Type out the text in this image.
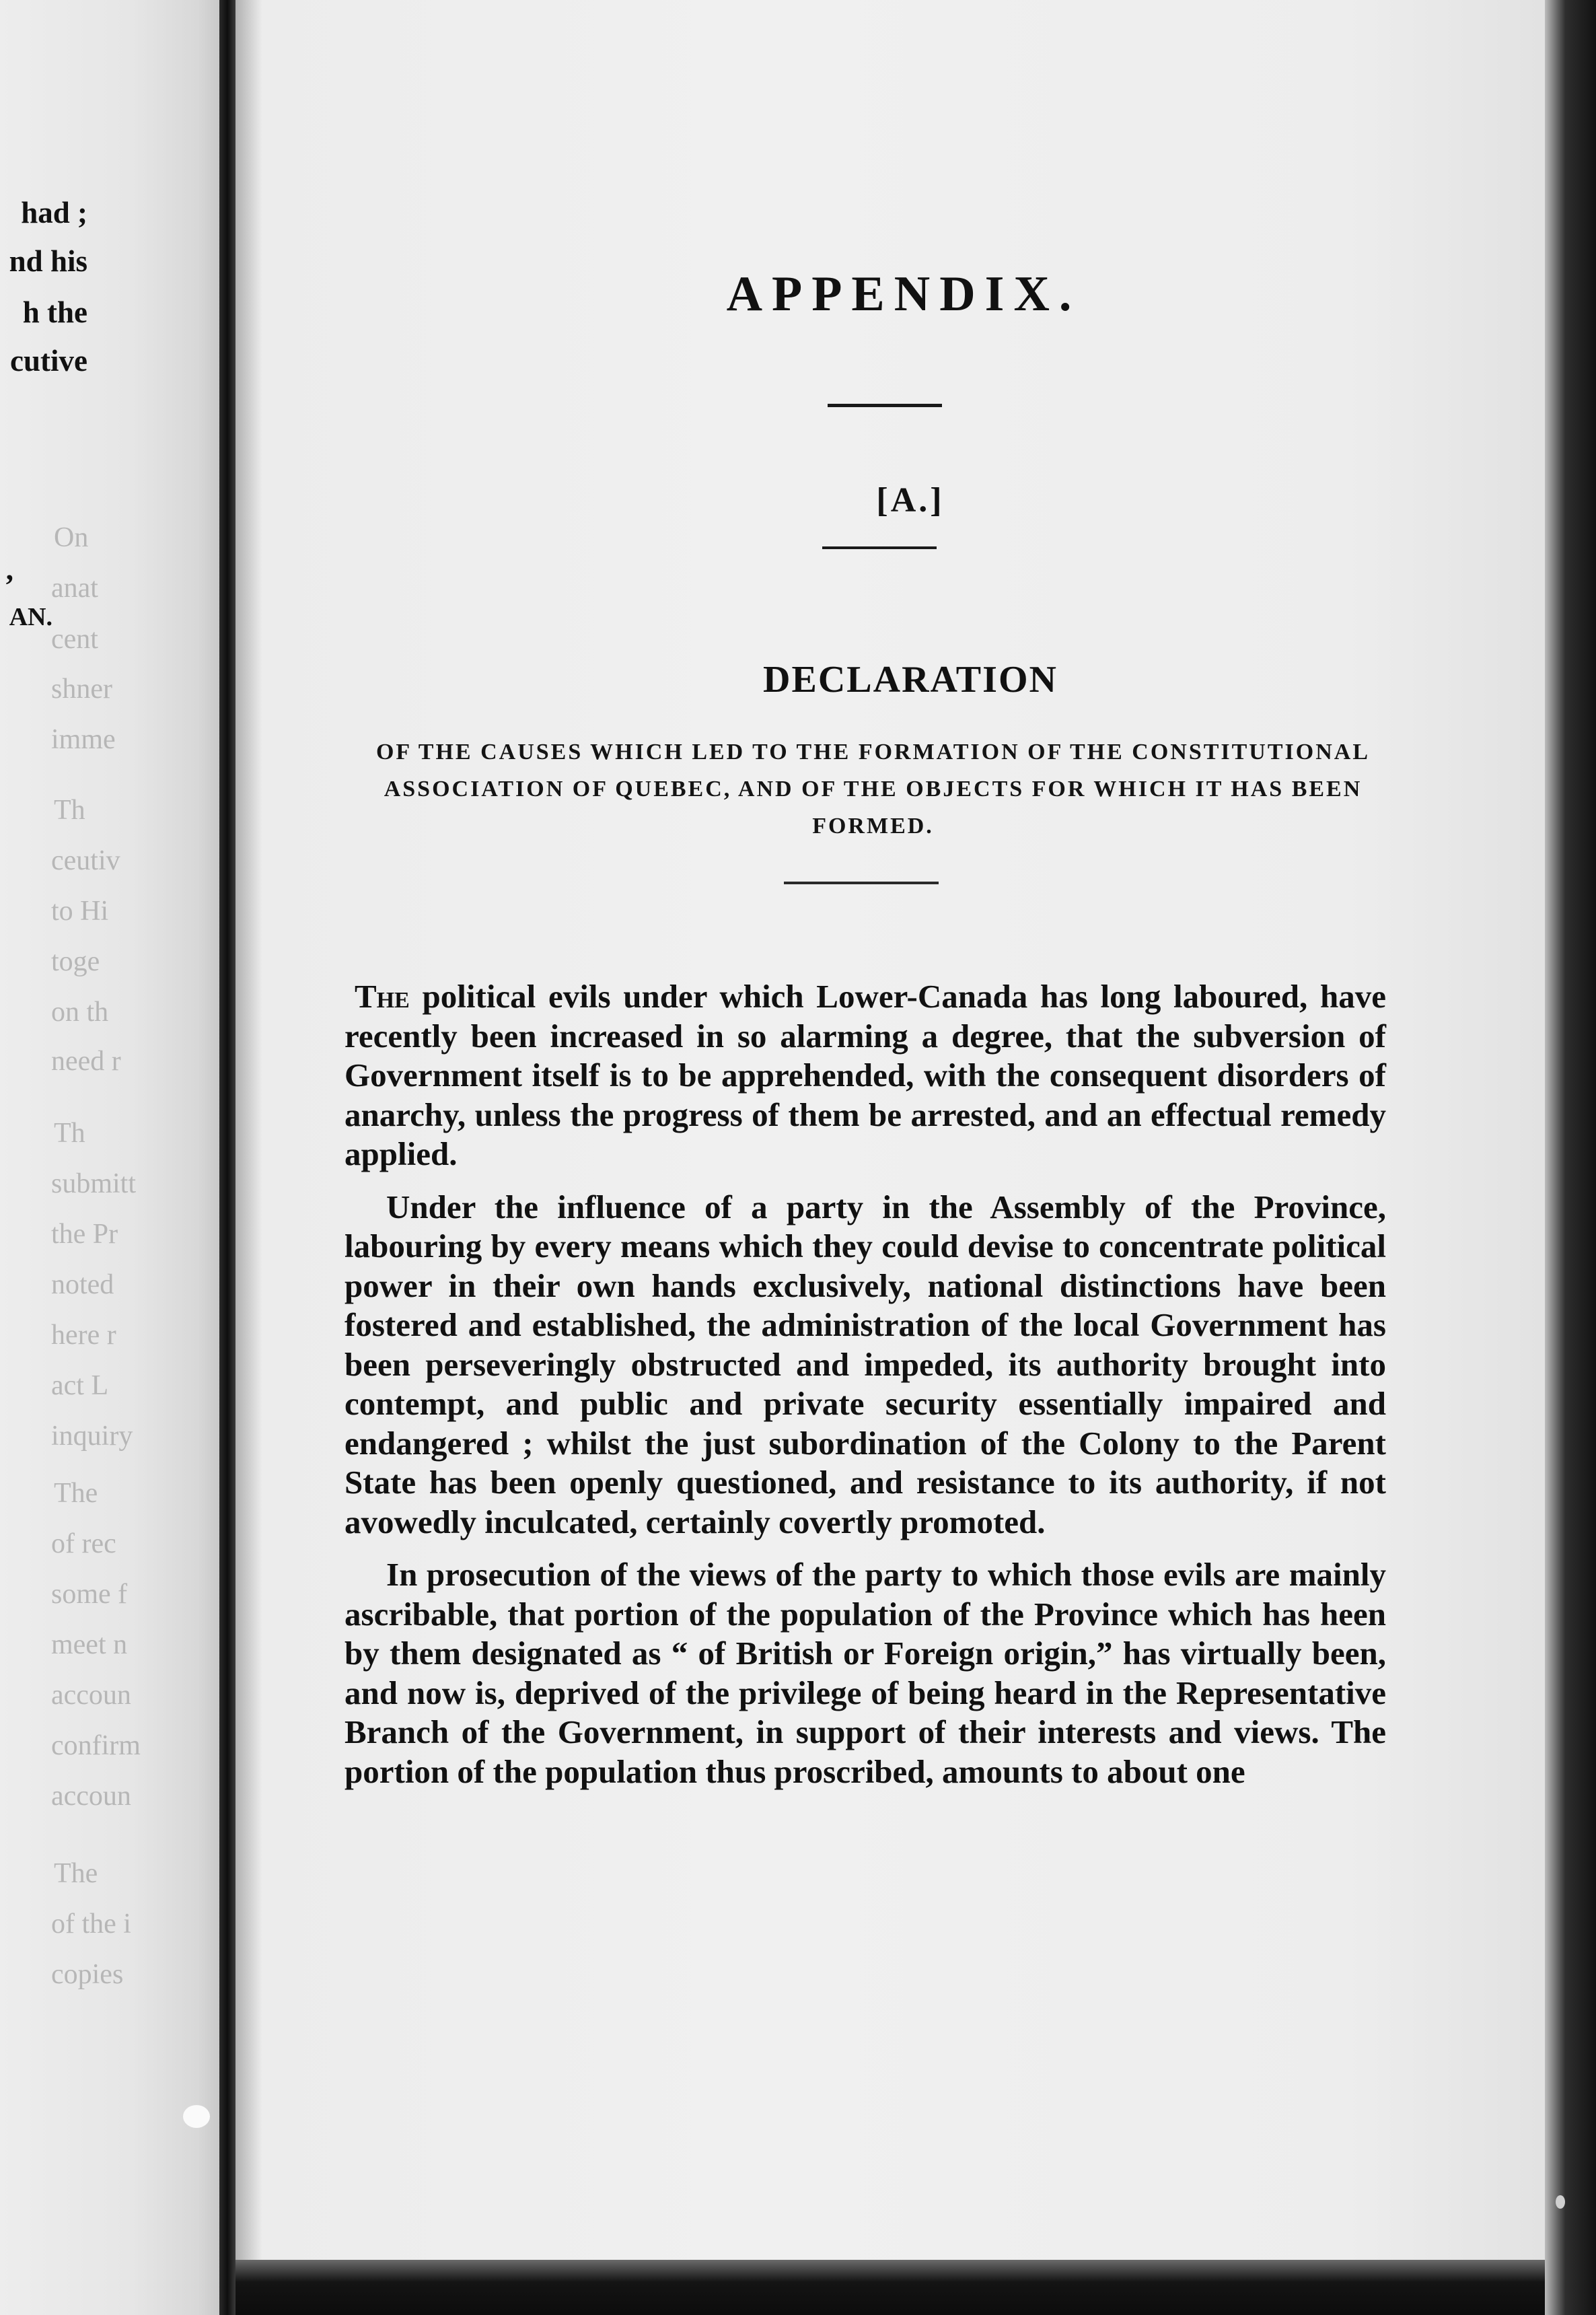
had ;
nd his
h the
cutive
,
AN.
On
anat
cent
shner
imme
Th
ceutiv
to Hi
toge
on th
need r
Th
submitt
the Pr
noted
here r
act L
inquiry
The
of rec
some f
meet n
accoun
confirm
accoun
The
of the i
copies
APPENDIX.
[A.]
DECLARATION
OF THE CAUSES WHICH LED TO THE FORMATION OF THE CONSTITUTIONAL ASSOCIATION OF QUEBEC, AND OF THE OBJECTS FOR WHICH IT HAS BEEN FORMED.

The political evils under which Lower-Canada has long laboured, have recently been increased in so alarming a degree, that the subversion of Government itself is to be apprehended, with the consequent disorders of anarchy, unless the progress of them be arrested, and an effectual remedy applied.

Under the influence of a party in the Assembly of the Province, labouring by every means which they could devise to concentrate political power in their own hands exclusively, national distinctions have been fostered and established, the administration of the local Government has been perseveringly obstructed and impeded, its authority brought into contempt, and public and private security essentially impaired and endangered ; whilst the just subordination of the Colony to the Parent State has been openly questioned, and resistance to its authority, if not avowedly inculcated, certainly covertly promoted.

In prosecution of the views of the party to which those evils are mainly ascribable, that portion of the population of the Province which has heen by them designated as “ of British or Foreign origin,” has virtually been, and now is, deprived of the privilege of being heard in the Representative Branch of the Government, in support of their interests and views. The portion of the population thus proscribed, amounts to about one
